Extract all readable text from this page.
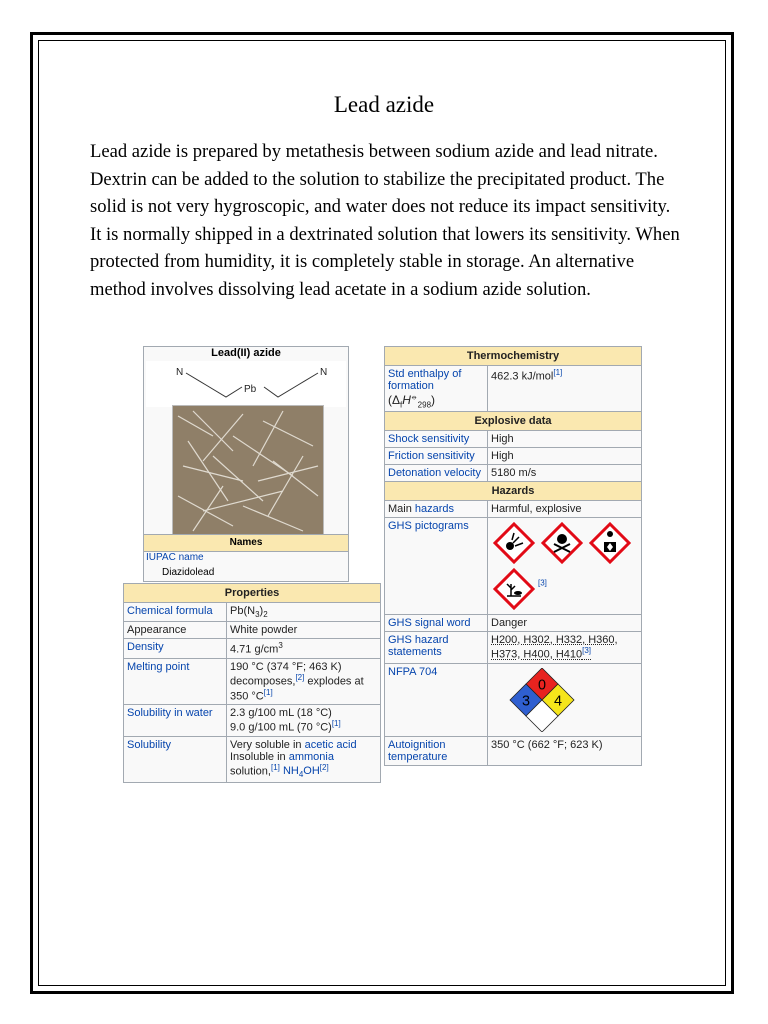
Lead azide
Lead azide is prepared by metathesis between sodium azide and lead nitrate. Dextrin can be added to the solution to stabilize the precipitated product. The solid is not very hygroscopic, and water does not reduce its impact sensitivity. It is normally shipped in a dextrinated solution that lowers its sensitivity. When protected from humidity, it is completely stable in storage. An alternative method involves dissolving lead acetate in a sodium azide solution.
Lead(II) azide
N
Pb
N
Names
IUPAC name
Diazidolead
Properties	
Chemical formula	$Pb(N_3)_2$
Appearance	White powder
Density	4.71 $g/cm^3$
Melting point	190 °C (374 °F; 463 K)
decomposes,[2] explodes at
350 °C[1]
Solubility in water	2.3 g/100 mL (18 °C)
9.0 g/100 mL (70 °C)[1]
Solubility	Very soluble in acetic acid
Insoluble in ammonia
solution,[1] $NH_4OH[2]$
Thermochemistry	
Std enthalpy of
formation
$(\Delta_fH^⦵_{298})$	462.3 kJ/mol[1]
Explosive data	
Shock sensitivity	High
Friction sensitivity	High
Detonation velocity	5180 m/s
Hazards	
Main hazards	Harmful, explosive
GHS pictograms	[3]
GHS signal word	Danger
GHS hazard statements	H200, H302, H332, H360,
H373, H400, H410[3]
NFPA 704	0
3 4

Autoignition temperature	350 °C (662 °F; 623 K)
